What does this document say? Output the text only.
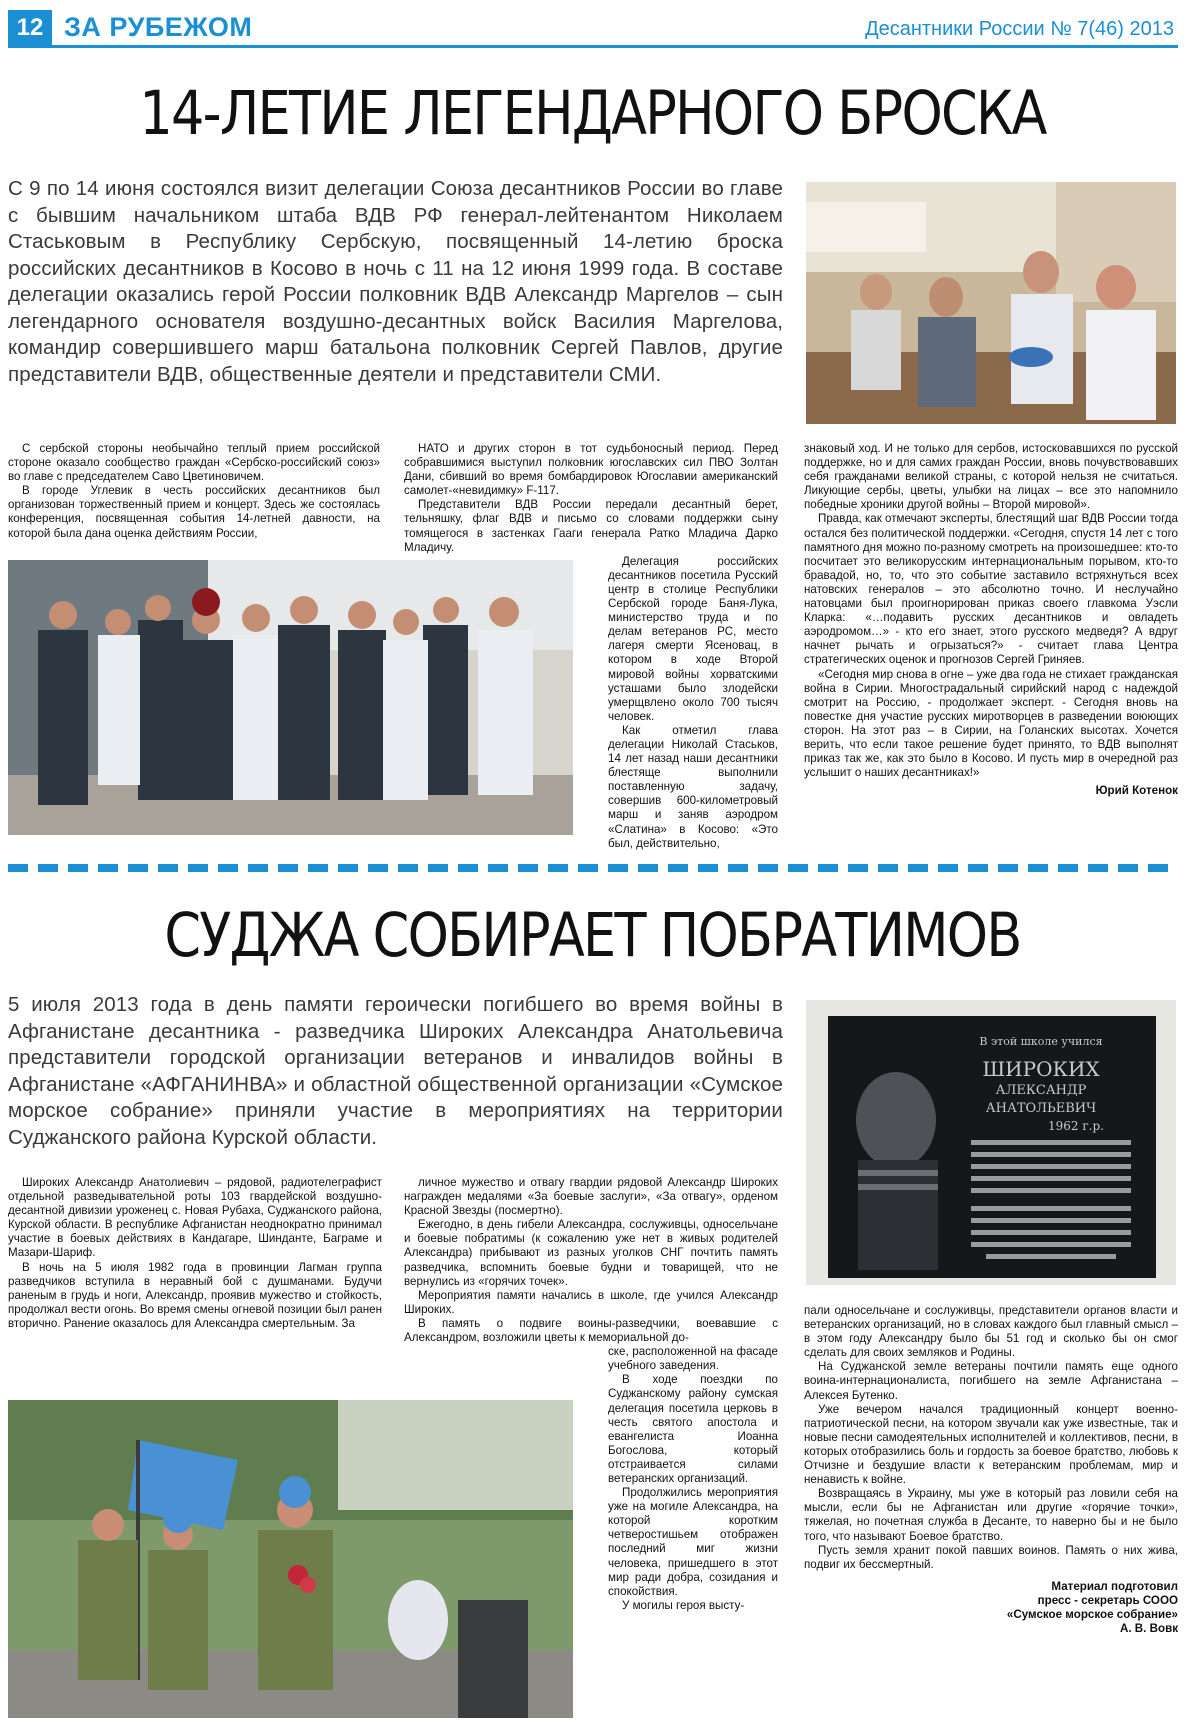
12 ЗА РУБЕЖОМ	Десантники России № 7(46) 2013
14-ЛЕТИЕ ЛЕГЕНДАРНОГО БРОСКА
С 9 по 14 июня состоялся визит делегации Союза десантников России во главе с бывшим начальником штаба ВДВ РФ генерал-лейтенантом Николаем Стаськовым в Республику Сербскую, посвященный 14-летию броска российских десантников в Косово в ночь с 11 на 12 июня 1999 года. В составе делегации оказались герой России полковник ВДВ Александр Маргелов – сын легендарного основателя воздушно-десантных войск Василия Маргелова, командир совершившего марш батальона полковник Сергей Павлов, другие представители ВДВ, общественные деятели и представители СМИ.

С сербской стороны необычайно теплый прием российской стороне оказало сообщество граждан «Сербско-российский союз» во главе с председателем Саво Цветиновичем.

В городе Углевик в честь российских десантников был организован торжественный прием и концерт. Здесь же состоялась конференция, посвященная события 14-летней давности, на которой была дана оценка действиям России,

НАТО и других сторон в тот судьбоносный период. Перед собравшимися выступил полковник югославских сил ПВО Золтан Дани, сбивший во время бомбардировок Югославии американский самолет-«невидимку» F-117.

Представители ВДВ России передали десантный берет, тельняшку, флаг ВДВ и письмо со словами поддержки сыну томящегося в застенках Гааги генерала Ратко Младича Дарко Младичу.

Делегация российских десантников посетила Русский центр в столице Республики Сербской городе Баня-Лука, министерство труда и по делам ветеранов РС, место лагеря смерти Ясеновац, в котором в ходе Второй мировой войны хорватскими усташами было злодейски умерщвлено около 700 тысяч человек.

Как отметил глава делегации Николай Стаськов, 14 лет назад наши десантники блестяще выполнили поставленную задачу, совершив 600-километровый марш и заняв аэродром «Слатина» в Косово: «Это был, действительно,

знаковый ход. И не только для сербов, истосковавшихся по русской поддержке, но и для самих граждан России, вновь почувствовавших себя гражданами великой страны, с которой нельзя не считаться. Ликующие сербы, цветы, улыбки на лицах – все это напомнило победные хроники другой войны – Второй мировой».

Правда, как отмечают эксперты, блестящий шаг ВДВ России тогда остался без политической поддержки. «Сегодня, спустя 14 лет с того памятного дня можно по-разному смотреть на произошедшее: кто-то посчитает это великорусским интернациональным порывом, кто-то бравадой, но, то, что это событие заставило встряхнуться всех натовских генералов – это абсолютно точно. И неслучайно натовцами был проигнорирован приказ своего главкома Уэсли Кларка: «…подавить русских десантников и овладеть аэродромом…» - кто его знает, этого русского медведя? А вдруг начнет рычать и огрызаться?» - считает глава Центра стратегических оценок и прогнозов Сергей Гриняев.

«Сегодня мир снова в огне – уже два года не стихает гражданская война в Сирии. Многострадальный сирийский народ с надеждой смотрит на Россию, - продолжает эксперт. - Сегодня вновь на повестке дня участие русских миротворцев в разведении воюющих сторон. На этот раз – в Сирии, на Голанских высотах. Хочется верить, что если такое решение будет принято, то ВДВ выполнят приказ так же, как это было в Косово. И пусть мир в очередной раз услышит о наших десантниках!»

Юрий Котенок
СУДЖА СОБИРАЕТ ПОБРАТИМОВ
5 июля 2013 года в день памяти героически погибшего во время войны в Афганистане десантника - разведчика Широких Александра Анатольевича представители городской организации ветеранов и инвалидов войны в Афганистане «АФГАНИНВА» и областной общественной организации «Сумское морское собрание» приняли участие в мероприятиях на территории Суджанского района Курской области.
В этой школе учился
ШИРОКИХ
АЛЕКСАНДР
АНАТОЛЬЕВИЧ
1962 г.р.

Широких Александр Анатолиевич – рядовой, радиотелеграфист отдельной разведывательной роты 103 гвардейской воздушно-десантной дивизии уроженец с. Новая Рубаха, Суджанского района, Курской области. В республике Афганистан неоднократно принимал участие в боевых действиях в Кандагаре, Шинданте, Баграме и Мазари-Шариф.

В ночь на 5 июля 1982 года в провинции Лагман группа разведчиков вступила в неравный бой с душманами. Будучи раненым в грудь и ноги, Александр, проявив мужество и стойкость, продолжал вести огонь. Во время смены огневой позиции был ранен вторично. Ранение оказалось для Александра смертельным. За

личное мужество и отвагу гвардии рядовой Александр Широких награжден медалями «За боевые заслуги», «За отвагу», орденом Красной Звезды (посмертно).

Ежегодно, в день гибели Александра, сослуживцы, односельчане и боевые побратимы (к сожалению уже нет в живых родителей Александра) прибывают из разных уголков СНГ почтить память разведчика, вспомнить боевые будни и товарищей, что не вернулись из «горячих точек».

Мероприятия памяти начались в школе, где учился Александр Широких.

В память о подвиге воины-разведчики, воевавшие с Александром, возложили цветы к мемориальной до-

ске, расположенной на фасаде учебного заведения.

В ходе поездки по Суджанскому району сумская делегация посетила церковь в честь святого апостола и евангелиста Иоанна Богослова, который отстраивается силами ветеранских организаций.

Продолжились мероприятия уже на могиле Александра, на которой коротким четверостишьем отображен последний миг жизни человека, пришедшего в этот мир ради добра, созидания и спокойствия.

У могилы героя высту-

пали односельчане и сослуживцы, представители органов власти и ветеранских организаций, но в словах каждого был главный смысл – в этом году Александру было бы 51 год и сколько бы он смог сделать для своих земляков и Родины.

На Суджанской земле ветераны почтили память еще одного воина-интернационалиста, погибшего на земле Афганистана – Алексея Бутенко.

Уже вечером начался традиционный концерт военно-патриотической песни, на котором звучали как уже известные, так и новые песни самодеятельных исполнителей и коллективов, песни, в которых отобразились боль и гордость за боевое братство, любовь к Отчизне и бездушие власти к ветеранским проблемам, мир и ненависть к войне.

Возвращаясь в Украину, мы уже в который раз ловили себя на мысли, если бы не Афганистан или другие «горячие точки», тяжелая, но почетная служба в Десанте, то наверно бы и не было того, что называют Боевое братство.

Пусть земля хранит покой павших воинов. Память о них жива, подвиг их бессмертный.

Материал подготовил
пресс - секретарь СООО
«Сумское морское собрание»
А. В. Вовк
